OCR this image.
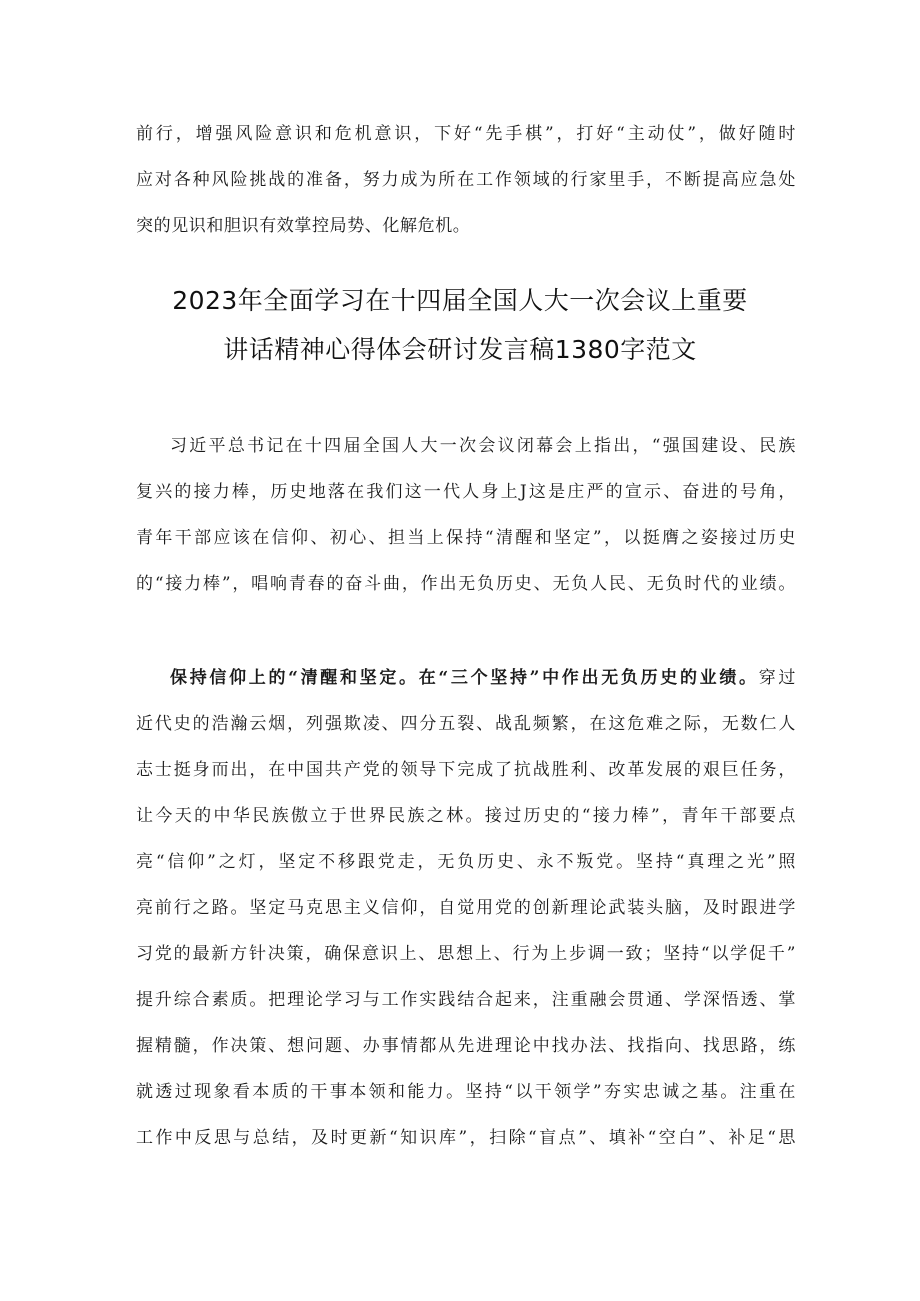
前行，增强风险意识和危机意识，下好“先手棋”，打好“主动仗”，做好随时
应对各种风险挑战的准备，努力成为所在工作领域的行家里手，不断提高应急处
突的见识和胆识有效掌控局势、化解危机。
2023年全面学习在十四届全国人大一次会议上重要
讲话精神心得体会研讨发言稿1380字范文
习近平总书记在十四届全国人大一次会议闭幕会上指出，“强国建设、民族
复兴的接力棒，历史地落在我们这一代人身上J这是庄严的宣示、奋进的号角，
青年干部应该在信仰、初心、担当上保持“清醒和坚定”，以挺膺之姿接过历史
的“接力棒”，唱响青春的奋斗曲，作出无负历史、无负人民、无负时代的业绩。
保持信仰上的“清醒和坚定。在“三个坚持”中作出无负历史的业绩。穿过
近代史的浩瀚云烟，列强欺凌、四分五裂、战乱频繁，在这危难之际，无数仁人
志士挺身而出，在中国共产党的领导下完成了抗战胜利、改革发展的艰巨任务，
让今天的中华民族傲立于世界民族之林。接过历史的“接力棒”，青年干部要点
亮“信仰”之灯，坚定不移跟党走，无负历史、永不叛党。坚持“真理之光”照
亮前行之路。坚定马克思主义信仰，自觉用党的创新理论武装头脑，及时跟进学
习党的最新方针决策，确保意识上、思想上、行为上步调一致；坚持“以学促千”
提升综合素质。把理论学习与工作实践结合起来，注重融会贯通、学深悟透、掌
握精髓，作决策、想问题、办事情都从先进理论中找办法、找指向、找思路，练
就透过现象看本质的干事本领和能力。坚持“以干领学”夯实忠诚之基。注重在
工作中反思与总结，及时更新“知识库”，扫除“盲点”、填补“空白”、补足“思
